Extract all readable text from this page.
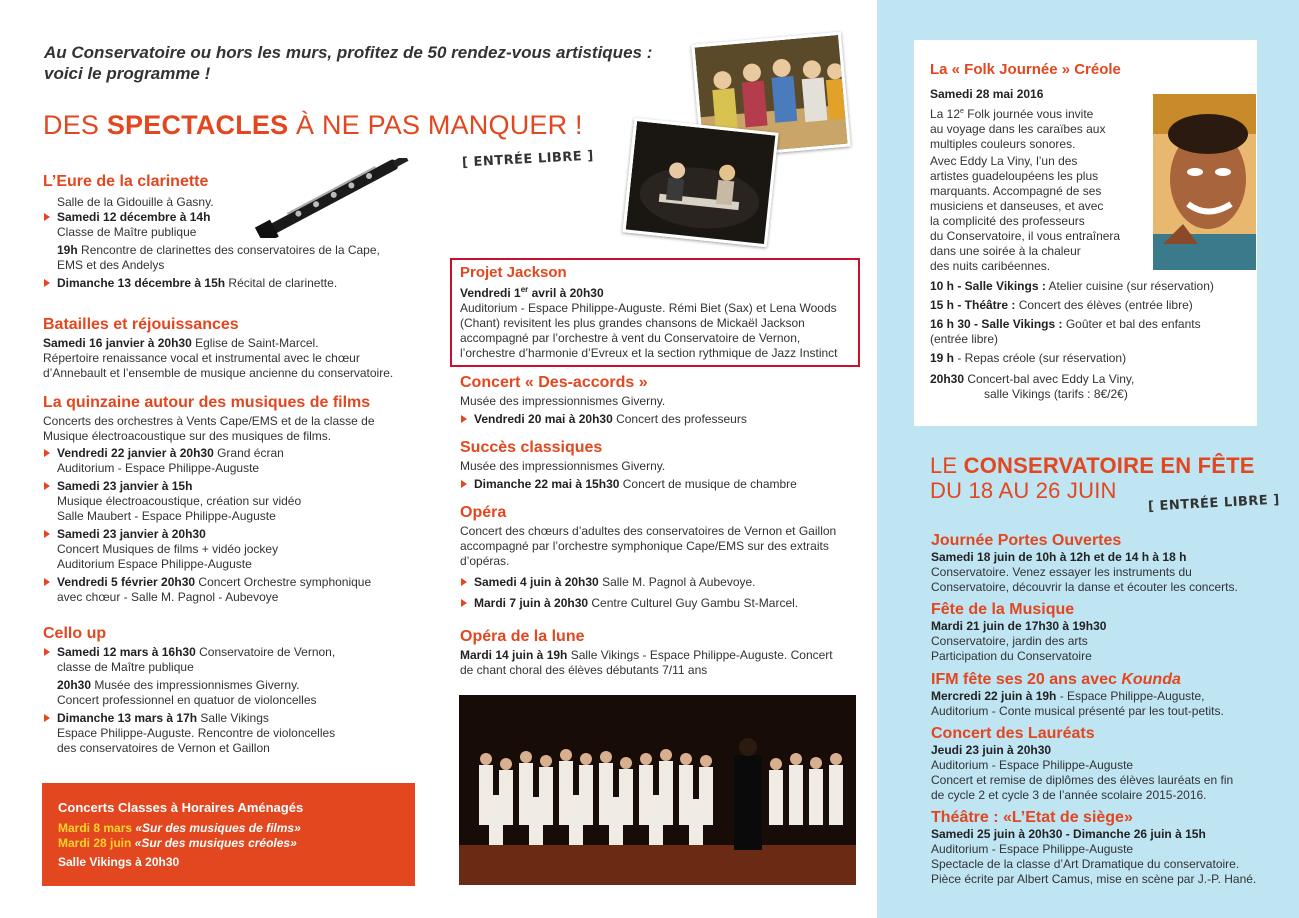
Au Conservatoire ou hors les murs, profitez de 50 rendez-vous artistiques :
voici le programme !
DES SPECTACLES À NE PAS MANQUER !
[ ENTRÉE LIBRE ]
L’Eure de la clarinette
Salle de la Gidouille à Gasny.
Samedi 12 décembre à 14h
Classe de Maître publique
19h Rencontre de clarinettes des conservatoires de la Cape,
EMS et des Andelys
Dimanche 13 décembre à 15h Récital de clarinette.
Batailles et réjouissances
Samedi 16 janvier à 20h30 Eglise de Saint-Marcel.
Répertoire renaissance vocal et instrumental avec le chœur
d’Annebault et l’ensemble de musique ancienne du conservatoire.
La quinzaine autour des musiques de films
Concerts des orchestres à Vents Cape/EMS et de la classe de
Musique électroacoustique sur des musiques de films.
Vendredi 22 janvier à 20h30 Grand écran
Auditorium - Espace Philippe-Auguste
Samedi 23 janvier à 15h
Musique électroacoustique, création sur vidéo
Salle Maubert - Espace Philippe-Auguste
Samedi 23 janvier à 20h30
Concert Musiques de films + vidéo jockey
Auditorium Espace Philippe-Auguste
Vendredi 5 février 20h30 Concert Orchestre symphonique
avec chœur - Salle M. Pagnol - Aubevoye
Cello up
Samedi 12 mars à 16h30 Conservatoire de Vernon,
classe de Maître publique
20h30 Musée des impressionnismes Giverny.
Concert professionnel en quatuor de violoncelles
Dimanche 13 mars à 17h Salle Vikings
Espace Philippe-Auguste. Rencontre de violoncelles
des conservatoires de Vernon et Gaillon
Concerts Classes à Horaires Aménagés
Mardi 8 mars «Sur des musiques de films»
Mardi 28 juin «Sur des musiques créoles»
Salle Vikings à 20h30
Projet Jackson
Vendredi 1er avril à 20h30
Auditorium - Espace Philippe-Auguste. Rémi Biet (Sax) et Lena Woods
(Chant) revisitent les plus grandes chansons de Mickaël Jackson
accompagné par l’orchestre à vent du Conservatoire de Vernon,
l’orchestre d’harmonie d’Evreux et la section rythmique de Jazz Instinct
Concert « Des-accords »
Musée des impressionnismes Giverny.
Vendredi 20 mai à 20h30 Concert des professeurs
Succès classiques
Musée des impressionnismes Giverny.
Dimanche 22 mai à 15h30 Concert de musique de chambre
Opéra
Concert des chœurs d’adultes des conservatoires de Vernon et Gaillon
accompagné par l’orchestre symphonique Cape/EMS sur des extraits
d’opéras.
Samedi 4 juin à 20h30 Salle M. Pagnol à Aubevoye.
Mardi 7 juin à 20h30 Centre Culturel Guy Gambu St-Marcel.
Opéra de la lune
Mardi 14 juin à 19h Salle Vikings - Espace Philippe-Auguste. Concert
de chant choral des élèves débutants 7/11 ans
La « Folk Journée » Créole
Samedi 28 mai 2016
La 12e Folk journée vous invite
au voyage dans les caraïbes aux
multiples couleurs sonores.
Avec Eddy La Viny, l’un des
artistes guadeloupéens les plus
marquants. Accompagné de ses
musiciens et danseuses, et avec
la complicité des professeurs
du Conservatoire, il vous entraînera
dans une soirée à la chaleur
des nuits caribéennes.
10 h - Salle Vikings : Atelier cuisine (sur réservation)
15 h - Théâtre : Concert des élèves (entrée libre)
16 h 30 - Salle Vikings : Goûter et bal des enfants
(entrée libre)
19 h - Repas créole (sur réservation)
20h30 Concert-bal avec Eddy La Viny,
salle Vikings (tarifs : 8€/2€)
LE CONSERVATOIRE EN FÊTE
DU 18 AU 26 JUIN
[ ENTRÉE LIBRE ]
Journée Portes Ouvertes
Samedi 18 juin de 10h à 12h et de 14 h à 18 h
Conservatoire. Venez essayer les instruments du
Conservatoire, découvrir la danse et écouter les concerts.
Fête de la Musique
Mardi 21 juin de 17h30 à 19h30
Conservatoire, jardin des arts
Participation du Conservatoire
IFM fête ses 20 ans avec Kounda
Mercredi 22 juin à 19h - Espace Philippe-Auguste,
Auditorium - Conte musical présenté par les tout-petits.
Concert des Lauréats
Jeudi 23 juin à 20h30
Auditorium - Espace Philippe-Auguste
Concert et remise de diplômes des élèves lauréats en fin
de cycle 2 et cycle 3 de l’année scolaire 2015-2016.
Théâtre : «L’Etat de siège»
Samedi 25 juin à 20h30 - Dimanche 26 juin à 15h
Auditorium - Espace Philippe-Auguste
Spectacle de la classe d’Art Dramatique du conservatoire.
Pièce écrite par Albert Camus, mise en scène par J.-P. Hané.
